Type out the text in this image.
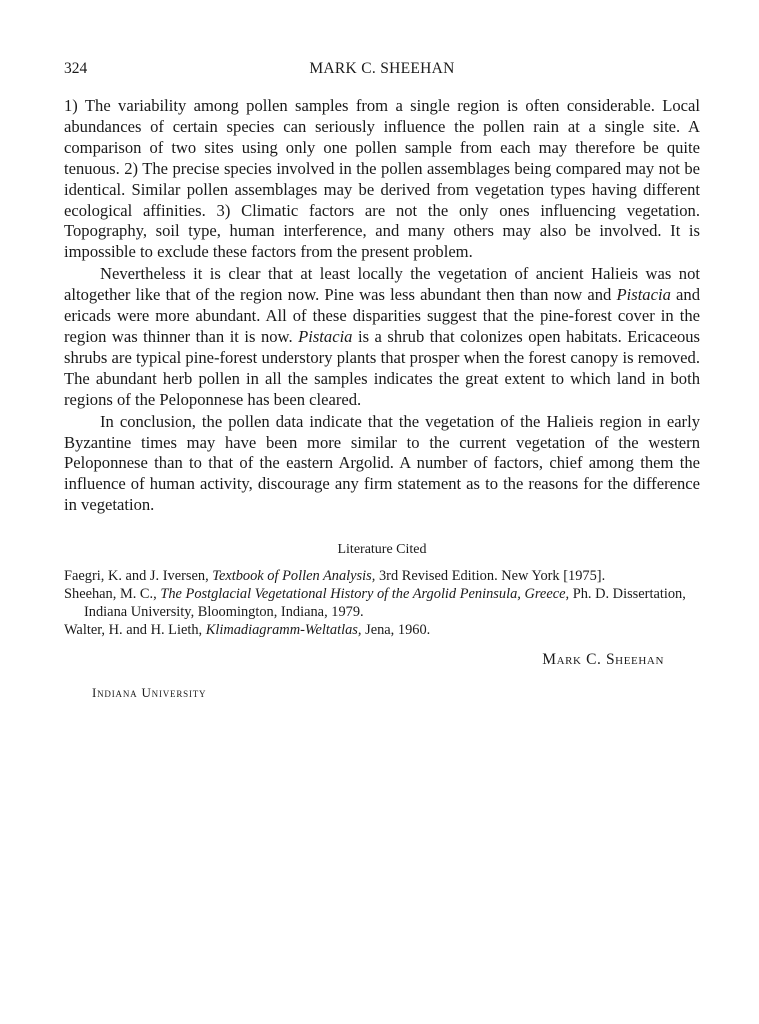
324	MARK C. SHEEHAN

1) The variability among pollen samples from a single region is often considerable. Local abundances of certain species can seriously influence the pollen rain at a single site. A comparison of two sites using only one pollen sample from each may therefore be quite tenuous. 2) The precise species involved in the pollen assemblages being compared may not be identical. Similar pollen assemblages may be derived from vegetation types having different ecological affinities. 3) Climatic factors are not the only ones influencing vegetation. Topography, soil type, human interference, and many others may also be involved. It is impossible to exclude these factors from the present problem.

Nevertheless it is clear that at least locally the vegetation of ancient Halieis was not altogether like that of the region now. Pine was less abundant then than now and Pistacia and ericads were more abundant. All of these disparities suggest that the pine-forest cover in the region was thinner than it is now. Pistacia is a shrub that colonizes open habitats. Ericaceous shrubs are typical pine-forest understory plants that prosper when the forest canopy is removed. The abundant herb pollen in all the samples indicates the great extent to which land in both regions of the Peloponnese has been cleared.

In conclusion, the pollen data indicate that the vegetation of the Halieis region in early Byzantine times may have been more similar to the current vegetation of the western Peloponnese than to that of the eastern Argolid. A number of factors, chief among them the influence of human activity, discourage any firm statement as to the reasons for the difference in vegetation.

Literature Cited

Faegri, K. and J. Iversen, Textbook of Pollen Analysis, 3rd Revised Edition. New York [1975].

Sheehan, M. C., The Postglacial Vegetational History of the Argolid Peninsula, Greece, Ph. D. Dissertation, Indiana University, Bloomington, Indiana, 1979.

Walter, H. and H. Lieth, Klimadiagramm-Weltatlas, Jena, 1960.

Mark C. Sheehan
Indiana University
